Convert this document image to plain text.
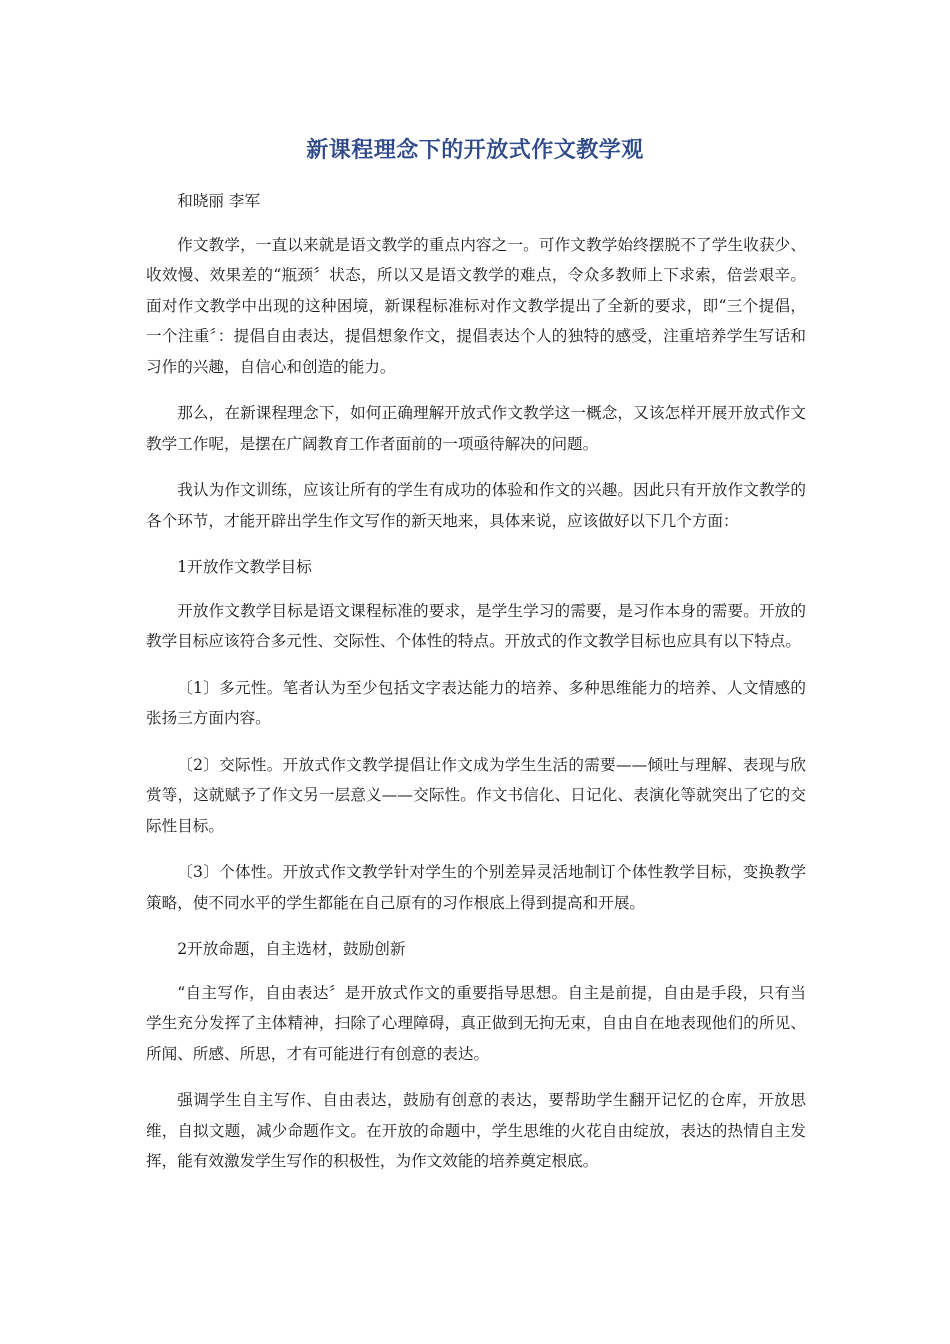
新课程理念下的开放式作文教学观

和晓丽 李军

作文教学，一直以来就是语文教学的重点内容之一。可作文教学始终摆脱不了学生收获少、收效慢、效果差的“瓶颈〞状态，所以又是语文教学的难点，令众多教师上下求索，倍尝艰辛。面对作文教学中出现的这种困境，新课程标准标对作文教学提出了全新的要求，即“三个提倡，一个注重〞：提倡自由表达，提倡想象作文，提倡表达个人的独特的感受，注重培养学生写话和习作的兴趣，自信心和创造的能力。

那么，在新课程理念下，如何正确理解开放式作文教学这一概念，又该怎样开展开放式作文教学工作呢，是摆在广阔教育工作者面前的一项亟待解决的问题。

我认为作文训练，应该让所有的学生有成功的体验和作文的兴趣。因此只有开放作文教学的各个环节，才能开辟出学生作文写作的新天地来，具体来说，应该做好以下几个方面：

1开放作文教学目标

开放作文教学目标是语文课程标准的要求，是学生学习的需要，是习作本身的需要。开放的教学目标应该符合多元性、交际性、个体性的特点。开放式的作文教学目标也应具有以下特点。

〔1〕多元性。笔者认为至少包括文字表达能力的培养、多种思维能力的培养、人文情感的张扬三方面内容。

〔2〕交际性。开放式作文教学提倡让作文成为学生生活的需要——倾吐与理解、表现与欣赏等，这就赋予了作文另一层意义——交际性。作文书信化、日记化、表演化等就突出了它的交际性目标。

〔3〕个体性。开放式作文教学针对学生的个别差异灵活地制订个体性教学目标，变换教学策略，使不同水平的学生都能在自己原有的习作根底上得到提高和开展。

2开放命题，自主选材，鼓励创新

“自主写作，自由表达〞是开放式作文的重要指导思想。自主是前提，自由是手段，只有当学生充分发挥了主体精神，扫除了心理障碍，真正做到无拘无束，自由自在地表现他们的所见、所闻、所感、所思，才有可能进行有创意的表达。

强调学生自主写作、自由表达，鼓励有创意的表达，要帮助学生翻开记忆的仓库，开放思维，自拟文题，减少命题作文。在开放的命题中，学生思维的火花自由绽放，表达的热情自主发挥，能有效激发学生写作的积极性，为作文效能的培养奠定根底。
